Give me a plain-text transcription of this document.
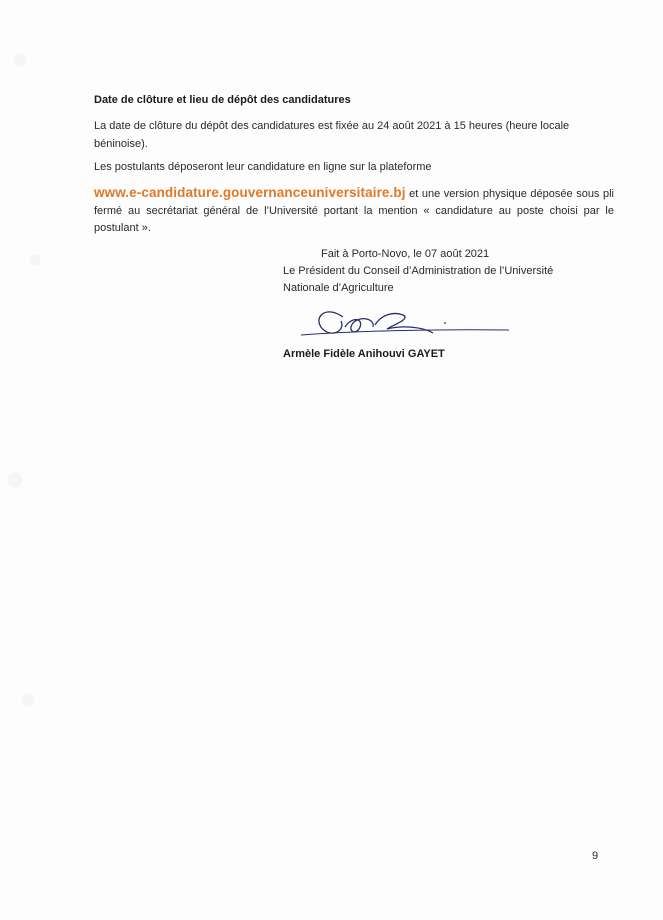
Date de clôture et lieu de dépôt des candidatures
La date de clôture du dépôt des candidatures est fixée au 24 août 2021 à 15 heures (heure locale béninoise).
Les postulants déposeront leur candidature en ligne sur la plateforme
www.e-candidature.gouvernanceuniversitaire.bj et une version physique déposée sous pli fermé au secrétariat général de l’Université portant la mention « candidature au poste choisi par le postulant ».
Fait à Porto-Novo, le 07 août 2021
Le Président du Conseil d’Administration de l’Université
Nationale d’Agriculture
Armèle Fidèle Anihouvi GAYET
9
